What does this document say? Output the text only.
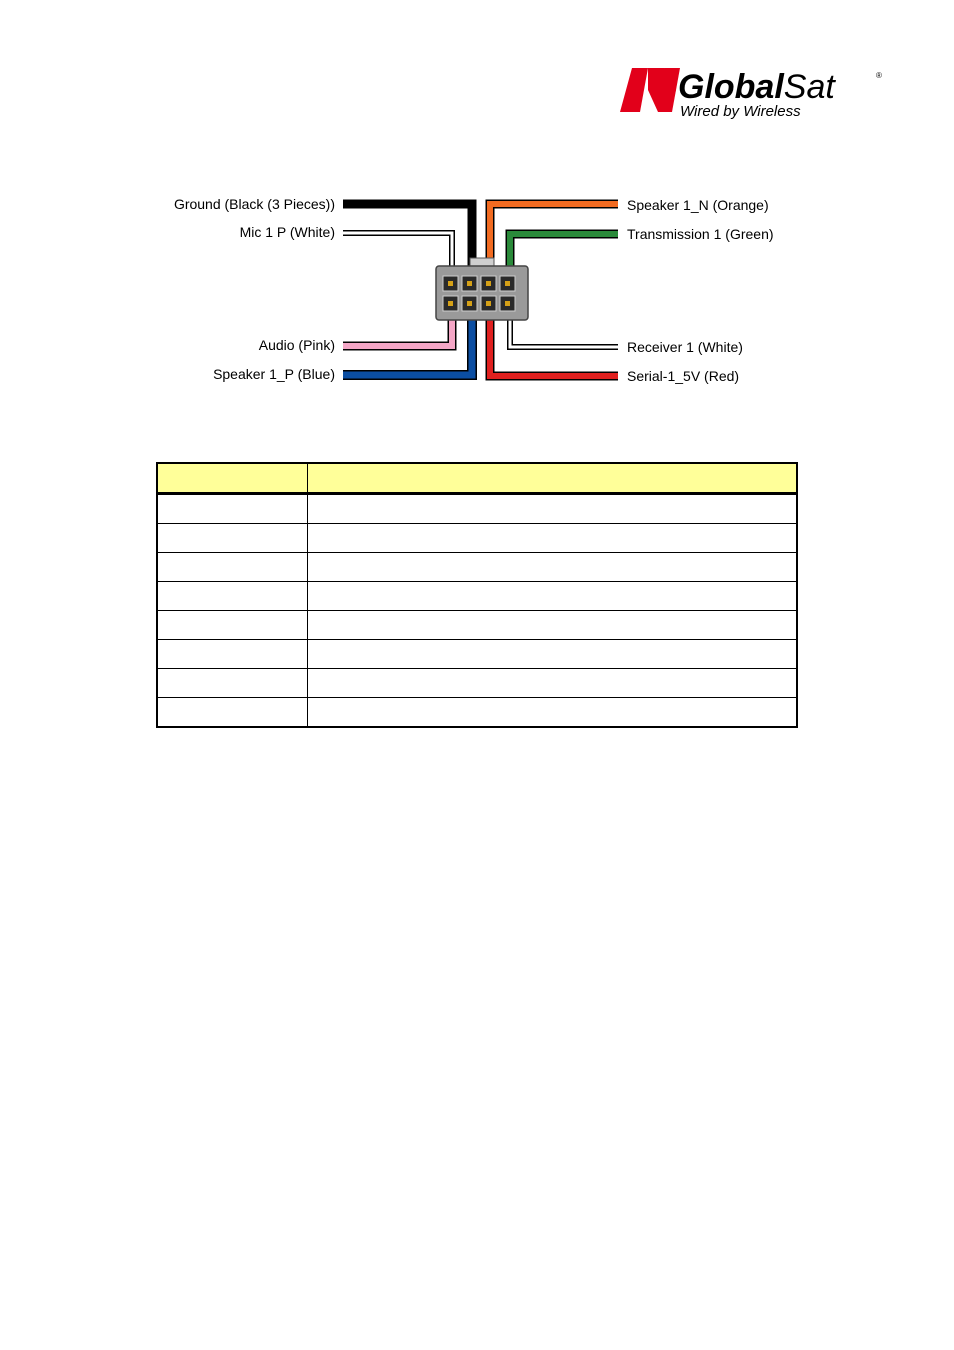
GlobalSat	®
Wired by Wireless
Ground (Black (3 Pieces))
Mic 1 P (White)
Audio (Pink)
Speaker 1_P (Blue)
Speaker 1_N (Orange)
Transmission 1 (Green)
Receiver 1 (White)
Serial-1_5V (Red)
